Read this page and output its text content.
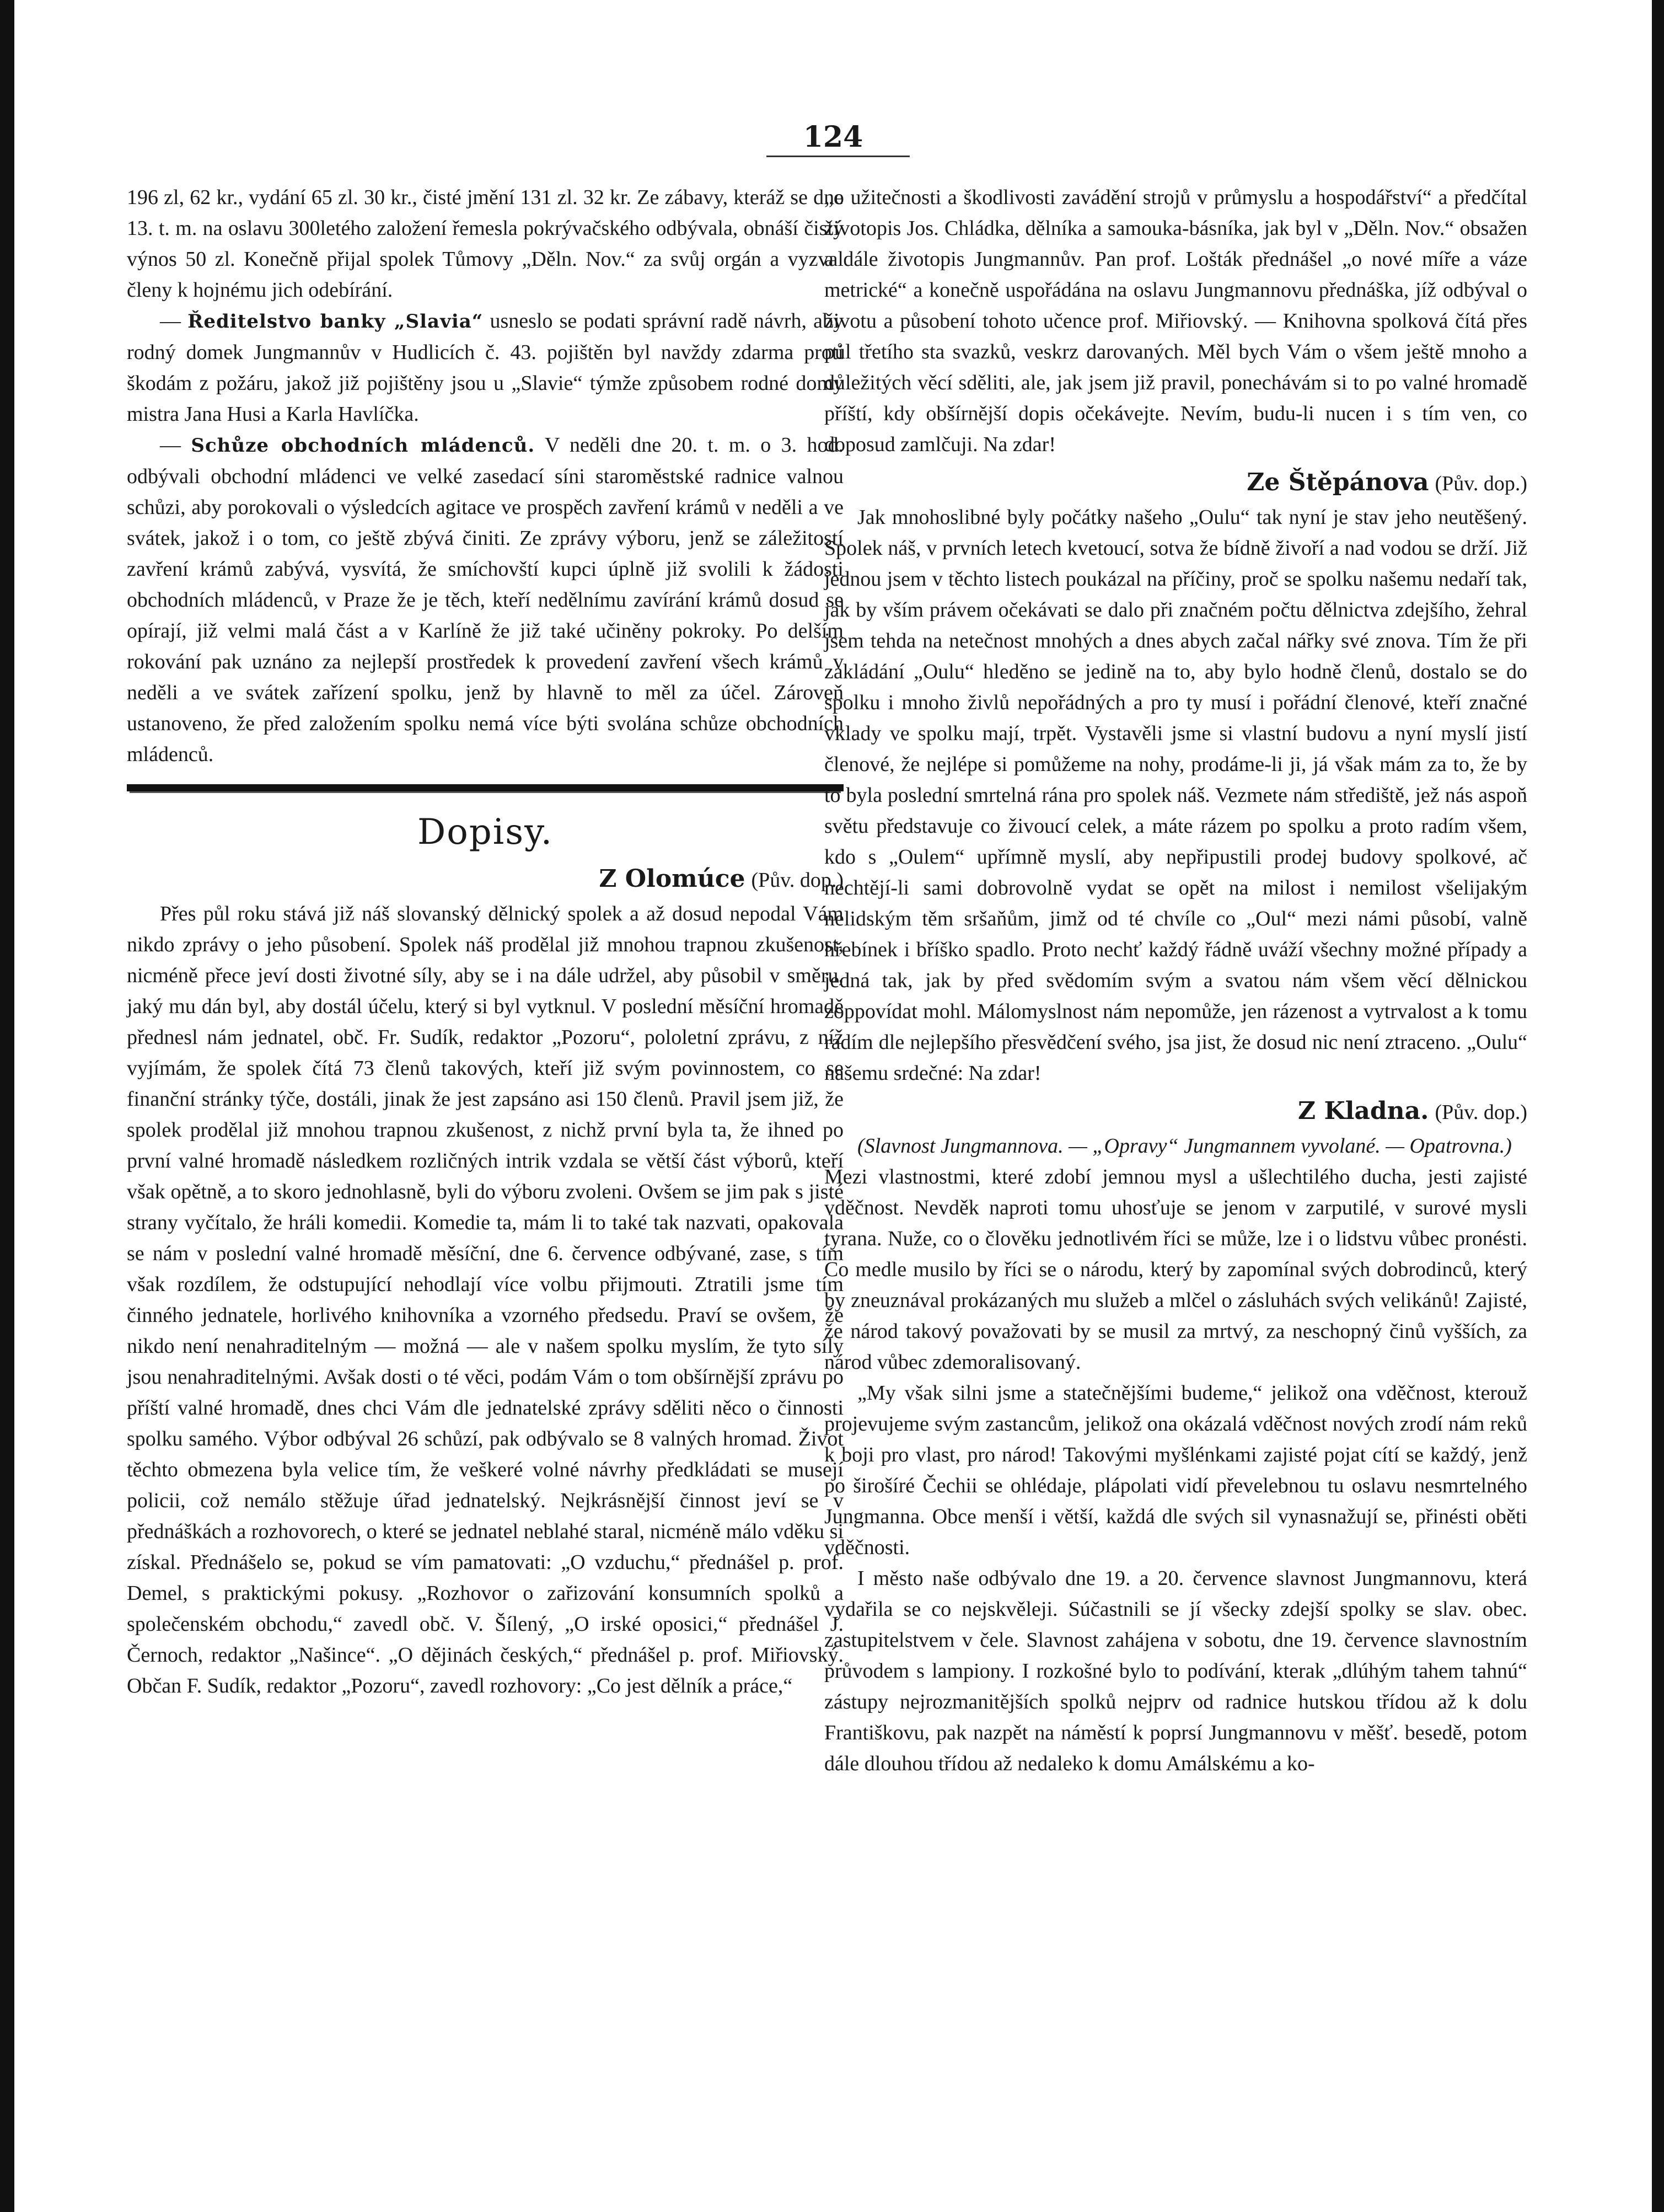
124

196 zl, 62 kr., vydání 65 zl. 30 kr., čisté jmění 131 zl. 32 kr. Ze zábavy, kteráž se dne 13. t. m. na oslavu 300letého založení řemesla pokrývačského odbývala, obnáší čistý výnos 50 zl. Konečně přijal spolek Tůmovy „Děln. Nov.“ za svůj orgán a vyzval členy k hojnému jich odebírání.

— Ředitelstvo banky „Slavia“ usneslo se podati správní radě návrh, aby rodný domek Jungmannův v Hudlicích č. 43. pojištěn byl navždy zdarma proti škodám z požáru, jakož již pojištěny jsou u „Slavie“ týmže způsobem rodné domy mistra Jana Husi a Karla Havlíčka.

— Schůze obchodních mládenců. V neděli dne 20. t. m. o 3. hod. odbývali obchodní mládenci ve velké zasedací síni staroměstské radnice valnou schůzi, aby porokovali o výsledcích agitace ve prospěch zavření krámů v neděli a ve svátek, jakož i o tom, co ještě zbývá činiti. Ze zprávy výboru, jenž se záležitostí zavření krámů zabývá, vysvítá, že smíchovští kupci úplně již svolili k žádosti obchodních mládenců, v Praze že je těch, kteří nedělnímu zavírání krámů dosud se opírají, již velmi malá část a v Karlíně že již také učiněny pokroky. Po delším rokování pak uznáno za nejlepší prostředek k provedení zavření všech krámů v neděli a ve svátek zařízení spolku, jenž by hlavně to měl za účel. Zároveň ustanoveno, že před založením spolku nemá více býti svolána schůze obchodních mládenců.

Dopisy.
Z Olomúce (Pův. dop.)

Přes půl roku stává již náš slovanský dělnický spolek a až dosud nepodal Vám nikdo zprávy o jeho působení. Spolek náš prodělal již mnohou trapnou zkušenost, nicméně přece jeví dosti životné síly, aby se i na dále udržel, aby působil v směru, jaký mu dán byl, aby dostál účelu, který si byl vytknul. V poslední měsíční hromadě přednesl nám jednatel, obč. Fr. Sudík, redaktor „Pozoru“, pololetní zprávu, z níž vyjímám, že spolek čítá 73 členů takových, kteří již svým povinnostem, co se finanční stránky týče, dostáli, jinak že jest zapsáno asi 150 členů. Pravil jsem již, že spolek prodělal již mnohou trapnou zkušenost, z nichž první byla ta, že ihned po první valné hromadě následkem rozličných intrik vzdala se větší část výborů, kteří však opětně, a to skoro jednohlasně, byli do výboru zvoleni. Ovšem se jim pak s jisté strany vyčítalo, že hráli komedii. Komedie ta, mám li to také tak nazvati, opakovala se nám v poslední valné hromadě měsíční, dne 6. července odbývané, zase, s tím však rozdílem, že odstupující nehodlají více volbu přijmouti. Ztratili jsme tím činného jednatele, horlivého knihovníka a vzorného předsedu. Praví se ovšem, že nikdo není nenahraditelným — možná — ale v našem spolku myslím, že tyto síly jsou nenahraditelnými. Avšak dosti o té věci, podám Vám o tom obšírnější zprávu po příští valné hromadě, dnes chci Vám dle jednatelské zprávy sděliti něco o činnosti spolku samého. Výbor odbýval 26 schůzí, pak odbývalo se 8 valných hromad. Život těchto obmezena byla velice tím, že veškeré volné návrhy předkládati se musejí policii, což nemálo stěžuje úřad jednatelský. Nejkrásnější činnost jeví se v přednáškách a rozhovorech, o které se jednatel neblahé staral, nicméně málo vděku si získal. Přednášelo se, pokud se vím pamatovati: „O vzduchu,“ přednášel p. prof. Demel, s praktickými pokusy. „Rozhovor o zařizování konsumních spolků a společenském obchodu,“ zavedl obč. V. Šílený, „O irské oposici,“ přednášel J. Černoch, redaktor „Našince“. „O dějinách českých,“ přednášel p. prof. Miřiovský. Občan F. Sudík, redaktor „Pozoru“, zavedl rozhovory: „Co jest dělník a práce,“

„o užitečnosti a škodlivosti zavádění strojů v průmyslu a hospodářství“ a předčítal životopis Jos. Chládka, dělníka a samouka-básníka, jak byl v „Děln. Nov.“ obsažen a dále životopis Jungmannův. Pan prof. Lošták přednášel „o nové míře a váze metrické“ a konečně uspořádána na oslavu Jungmannovu přednáška, jíž odbýval o životu a působení tohoto učence prof. Miřiovský. — Knihovna spolková čítá přes půl třetího sta svazků, veskrz darovaných. Měl bych Vám o všem ještě mnoho a důležitých věcí sděliti, ale, jak jsem již pravil, ponechávám si to po valné hromadě příští, kdy obšírnější dopis očekávejte. Nevím, budu-li nucen i s tím ven, co doposud zamlčuji. Na zdar!

Ze Štěpánova (Pův. dop.)

Jak mnohoslibné byly počátky našeho „Oulu“ tak nyní je stav jeho neutěšený. Spolek náš, v prvních letech kvetoucí, sotva že bídně živoří a nad vodou se drží. Již jednou jsem v těchto listech poukázal na příčiny, proč se spolku našemu nedaří tak, jak by vším právem očekávati se dalo při značném počtu dělnictva zdejšího, žehral jsem tehda na netečnost mnohých a dnes abych začal nářky své znova. Tím že při zakládání „Oulu“ hleděno se jedině na to, aby bylo hodně členů, dostalo se do spolku i mnoho živlů nepořádných a pro ty musí i pořádní členové, kteří značné vklady ve spolku mají, trpět. Vystavěli jsme si vlastní budovu a nyní myslí jistí členové, že nejlépe si pomůžeme na nohy, prodáme-li ji, já však mám za to, že by to byla poslední smrtelná rána pro spolek náš. Vezmete nám střediště, jež nás aspoň světu představuje co živoucí celek, a máte rázem po spolku a proto radím všem, kdo s „Oulem“ upřímně myslí, aby nepřipustili prodej budovy spolkové, ač nechtějí-li sami dobrovolně vydat se opět na milost i nemilost všelijakým nelidským těm sršaňům, jimž od té chvíle co „Oul“ mezi námi působí, valně hřebínek i bříško spadlo. Proto nechť každý řádně uváží všechny možné případy a jedná tak, jak by před svědomím svým a svatou nám všem věcí dělnickou zoppovídat mohl. Málomyslnost nám nepomůže, jen rázenost a vytrvalost a k tomu radím dle nejlepšího přesvědčení svého, jsa jist, že dosud nic není ztraceno. „Oulu“ našemu srdečné: Na zdar!

Z Kladna. (Pův. dop.)

(Slavnost Jungmannova. — „Opravy“ Jungmannem vyvolané. — Opatrovna.)

Mezi vlastnostmi, které zdobí jemnou mysl a ušlechtilého ducha, jesti zajisté vděčnost. Nevděk naproti tomu uhosťuje se jenom v zarputilé, v surové mysli tyrana. Nuže, co o člověku jednotlivém říci se může, lze i o lidstvu vůbec pronésti. Co medle musilo by říci se o národu, který by zapomínal svých dobrodinců, který by zneuznával prokázaných mu služeb a mlčel o zásluhách svých velikánů! Zajisté, že národ takový považovati by se musil za mrtvý, za neschopný činů vyšších, za národ vůbec zdemoralisovaný.

„My však silni jsme a statečnějšími budeme,“ jelikož ona vděčnost, kterouž projevujeme svým zastancům, jelikož ona okázalá vděčnost nových zrodí nám reků k boji pro vlast, pro národ! Takovými myšlénkami zajisté pojat cítí se každý, jenž po širošíré Čechii se ohlédaje, plápolati vidí převelebnou tu oslavu nesmrtelného Jungmanna. Obce menší i větší, každá dle svých sil vynasnažují se, přinésti oběti vděčnosti.

I město naše odbývalo dne 19. a 20. července slavnost Jungmannovu, která vydařila se co nejskvěleji. Súčastnili se jí všecky zdejší spolky se slav. obec. zastupitelstvem v čele. Slavnost zahájena v sobotu, dne 19. července slavnostním průvodem s lampiony. I rozkošné bylo to podívání, kterak „dlúhým tahem tahnú“ zástupy nejrozmanitějších spolků nejprv od radnice hutskou třídou až k dolu Františkovu, pak nazpět na náměstí k poprsí Jungmannovu v měšť. besedě, potom dále dlouhou třídou až nedaleko k domu Amálskému a ko-
